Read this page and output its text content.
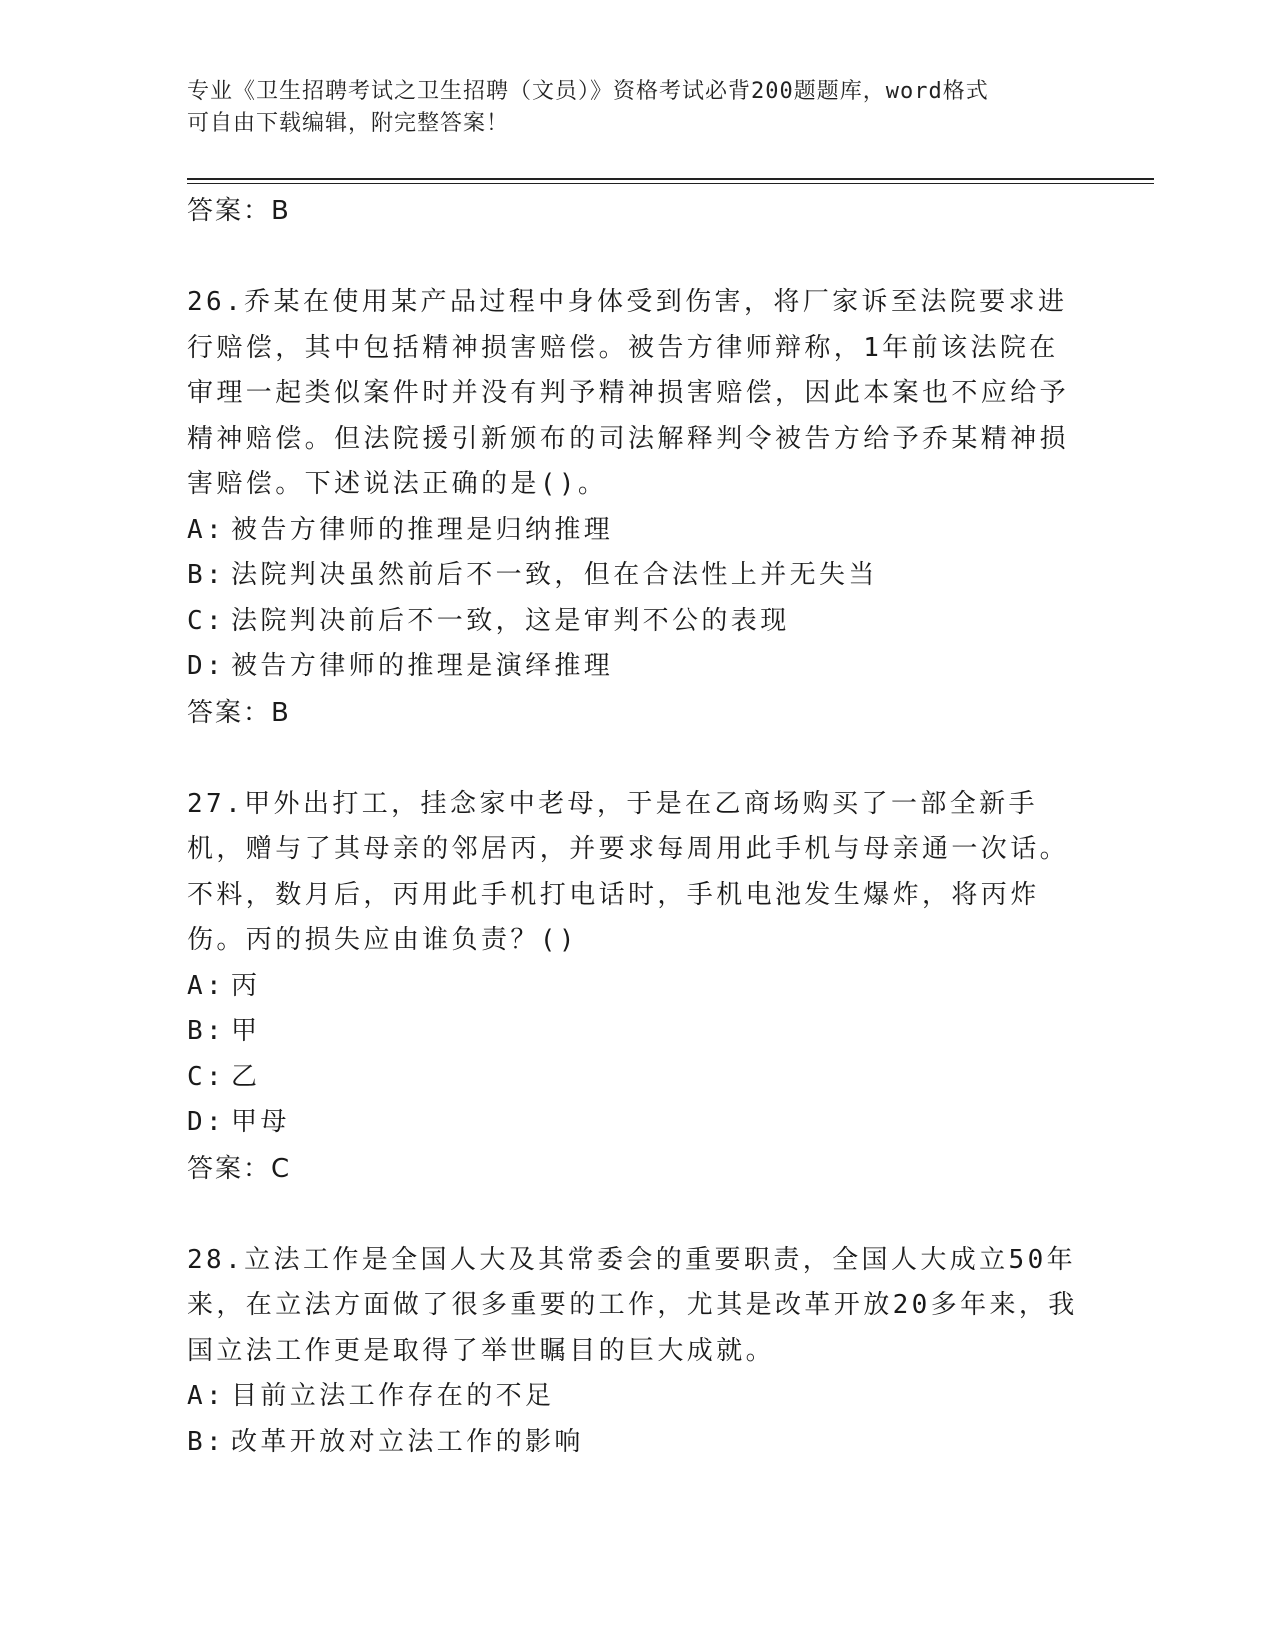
专业《卫生招聘考试之卫生招聘（文员）》资格考试必背200题题库，word格式
可自由下载编辑，附完整答案！

答案：B

26.乔某在使用某产品过程中身体受到伤害，将厂家诉至法院要求进行赔偿，其中包括精神损害赔偿。被告方律师辩称，1年前该法院在审理一起类似案件时并没有判予精神损害赔偿，因此本案也不应给予精神赔偿。但法院援引新颁布的司法解释判令被告方给予乔某精神损害赔偿。下述说法正确的是()。

A: 被告方律师的推理是归纳推理

B: 法院判决虽然前后不一致，但在合法性上并无失当

C: 法院判决前后不一致，这是审判不公的表现

D: 被告方律师的推理是演绎推理

答案：B

27.甲外出打工，挂念家中老母，于是在乙商场购买了一部全新手机，赠与了其母亲的邻居丙，并要求每周用此手机与母亲通一次话。不料，数月后，丙用此手机打电话时，手机电池发生爆炸，将丙炸伤。丙的损失应由谁负责？()

A: 丙

B: 甲

C: 乙

D: 甲母

答案：C

28.立法工作是全国人大及其常委会的重要职责，全国人大成立50年来，在立法方面做了很多重要的工作，尤其是改革开放20多年来，我国立法工作更是取得了举世瞩目的巨大成就。

A: 目前立法工作存在的不足

B: 改革开放对立法工作的影响
